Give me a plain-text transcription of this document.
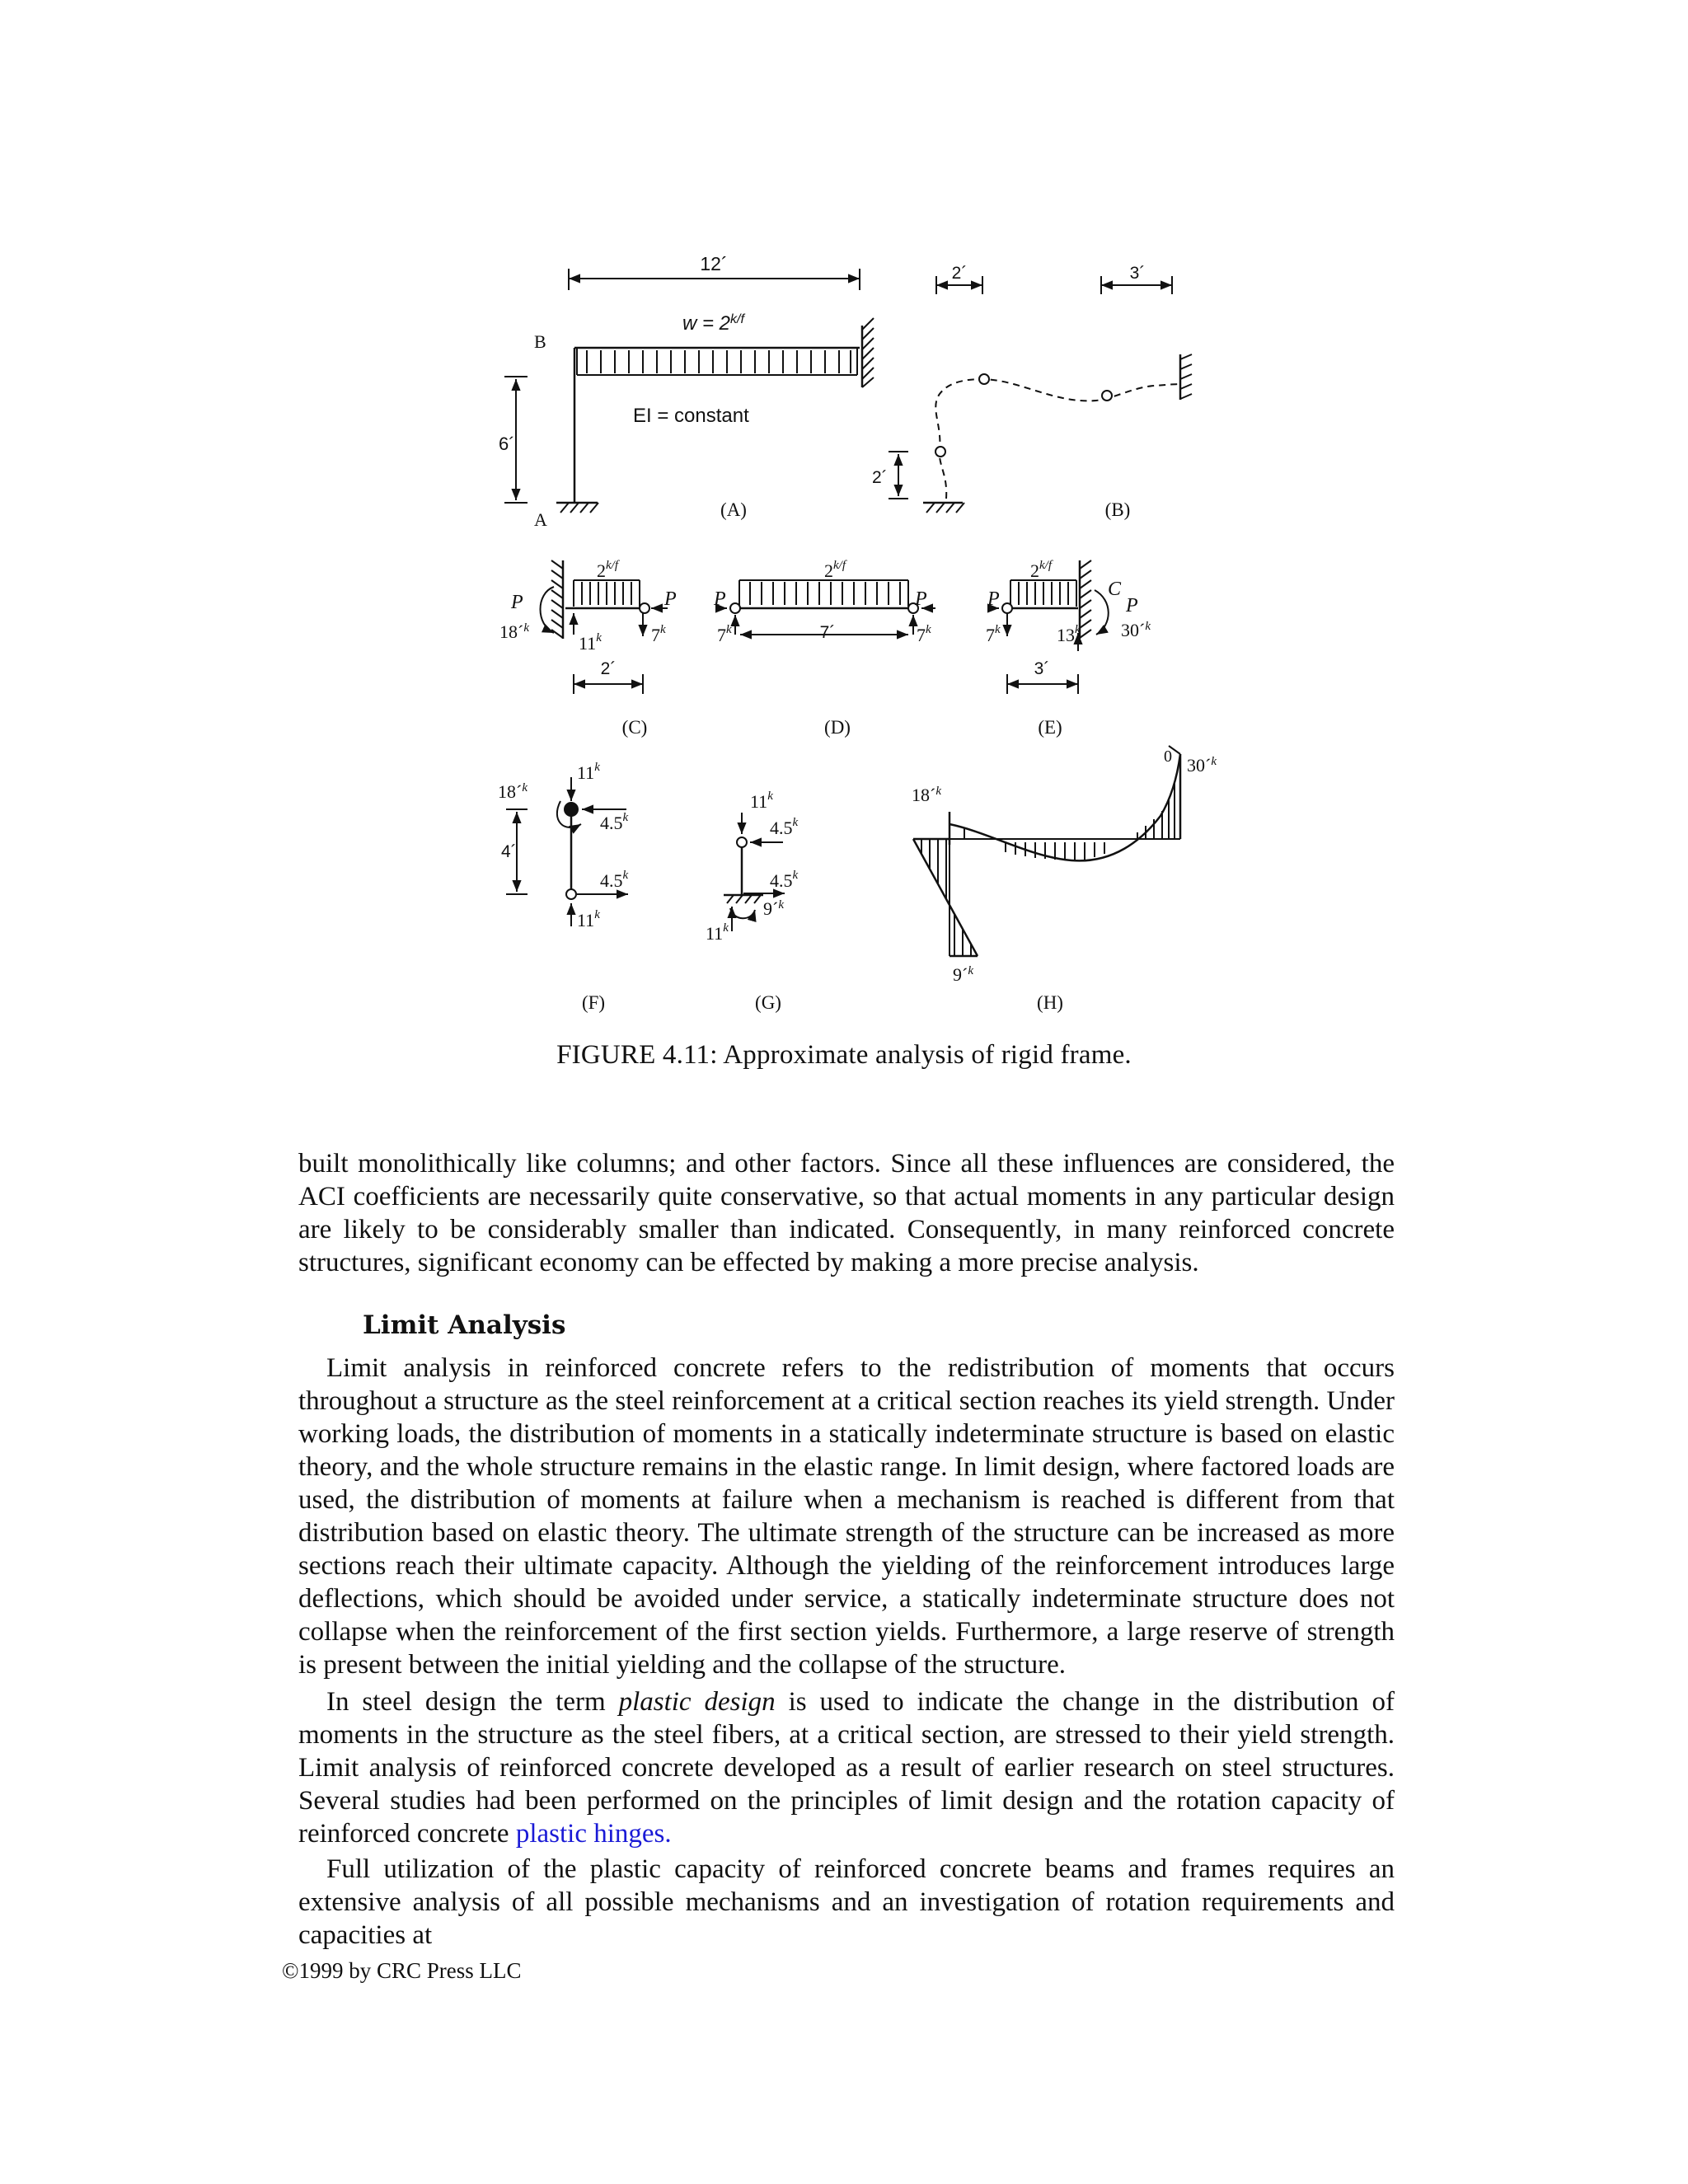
12´
$w = 2^{k/f}$
EI = constant
6´
B
A	(A)
2´	3´
2´
(B)
P
18´$^k$
$2^{k/f}$
P
11$^k$	7$^k$
2´
(C)
P	P
$2^{k/f}$
7$^k$	7$^k$
7´
(D)
P
$2^{k/f}$
C
P
7$^k$	13$^k$ 30´$^k$
3´
(E)
18´$^k$
11$^k$
4.5$^k$
4.5$^k$
11$^k$
4´
(F)
11$^k$
4.5$^k$
4.5$^k$
9´$^k$
11$^k$
(G)
18´$^k$
9´$^k$
30´$^k$
0
(H)
FIGURE 4.11: Approximate analysis of rigid frame.

built monolithically like columns; and other factors. Since all these influences are considered, the ACI coefficients are necessarily quite conservative, so that actual moments in any particular design are likely to be considerably smaller than indicated. Consequently, in many reinforced concrete structures, significant economy can be effected by making a more precise analysis.

Limit Analysis

Limit analysis in reinforced concrete refers to the redistribution of moments that occurs throughout a structure as the steel reinforcement at a critical section reaches its yield strength. Under working loads, the distribution of moments in a statically indeterminate structure is based on elastic theory, and the whole structure remains in the elastic range. In limit design, where factored loads are used, the distribution of moments at failure when a mechanism is reached is different from that distribution based on elastic theory. The ultimate strength of the structure can be increased as more sections reach their ultimate capacity. Although the yielding of the reinforcement introduces large deflections, which should be avoided under service, a statically indeterminate structure does not collapse when the reinforcement of the first section yields. Furthermore, a large reserve of strength is present between the initial yielding and the collapse of the structure.

In steel design the term plastic design is used to indicate the change in the distribution of moments in the structure as the steel fibers, at a critical section, are stressed to their yield strength. Limit analysis of reinforced concrete developed as a result of earlier research on steel structures. Several studies had been performed on the principles of limit design and the rotation capacity of reinforced concrete plastic hinges.

Full utilization of the plastic capacity of reinforced concrete beams and frames requires an extensive analysis of all possible mechanisms and an investigation of rotation requirements and capacities at

©1999 by CRC Press LLC
